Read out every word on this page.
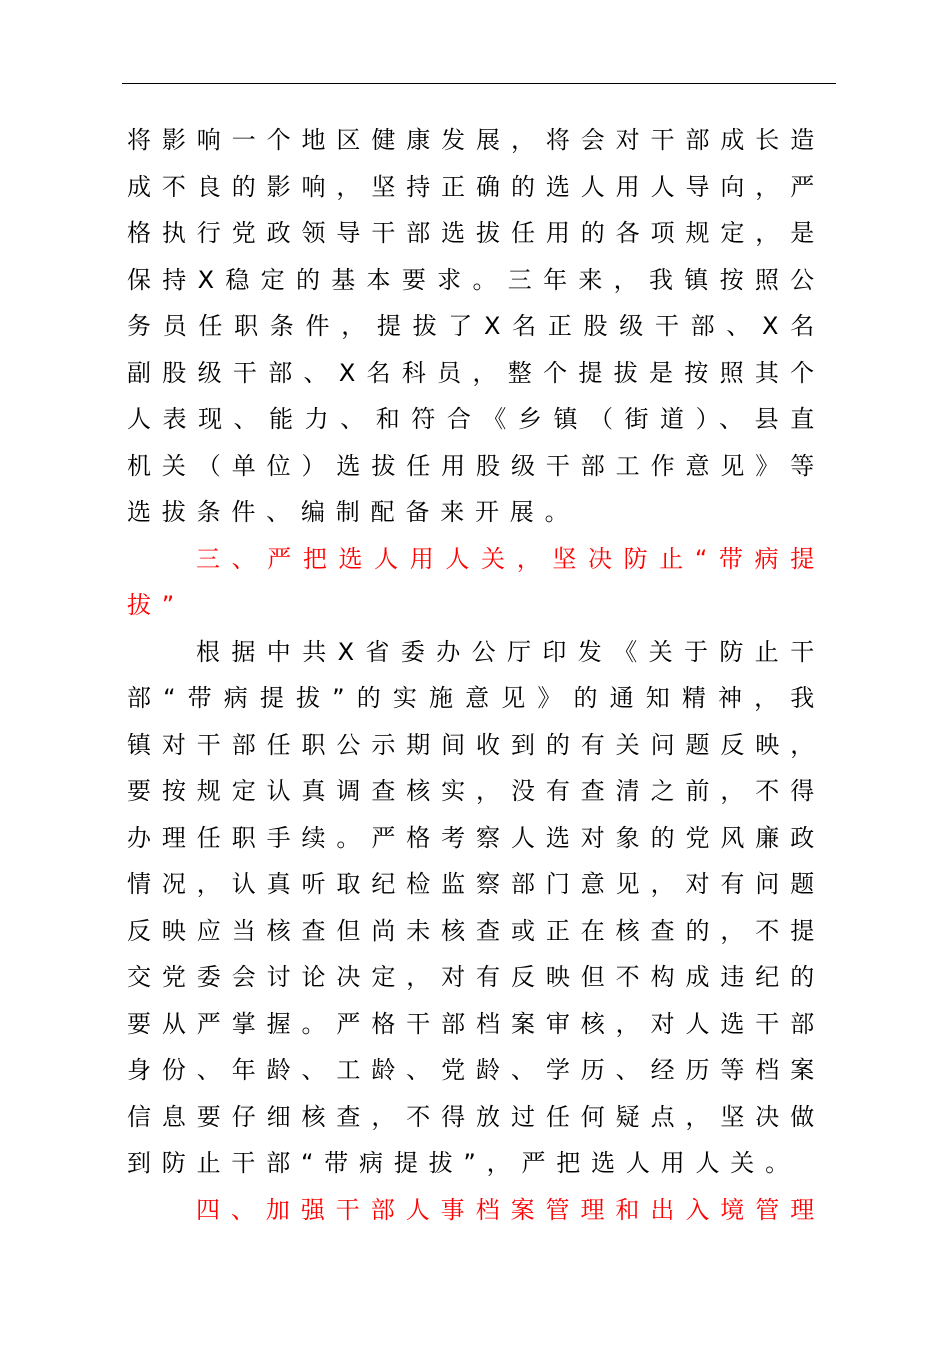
将影响一个地区健康发展，将会对干部成长造成不良的影响，坚持正确的选人用人导向，严格执行党政领导干部选拔任用的各项规定，是保持X稳定的基本要求。三年来，我镇按照公务员任职条件，提拔了X名正股级干部、X名副股级干部、X名科员，整个提拔是按照其个人表现、能力、和符合《乡镇（街道）、县直机关（单位）选拔任用股级干部工作意见》等选拔条件、编制配备来开展。

三、严把选人用人关，坚决防止“带病提拔”

根据中共X省委办公厅印发《关于防止干部“带病提拔”的实施意见》的通知精神，我镇对干部任职公示期间收到的有关问题反映，要按规定认真调查核实，没有查清之前，不得办理任职手续。严格考察人选对象的党风廉政情况，认真听取纪检监察部门意见，对有问题反映应当核查但尚未核查或正在核查的，不提交党委会讨论决定，对有反映但不构成违纪的要从严掌握。严格干部档案审核，对人选干部身份、年龄、工龄、党龄、学历、经历等档案信息要仔细核查，不得放过任何疑点，坚决做到防止干部“带病提拔”，严把选人用人关。

四、加强干部人事档案管理和出入境管理
